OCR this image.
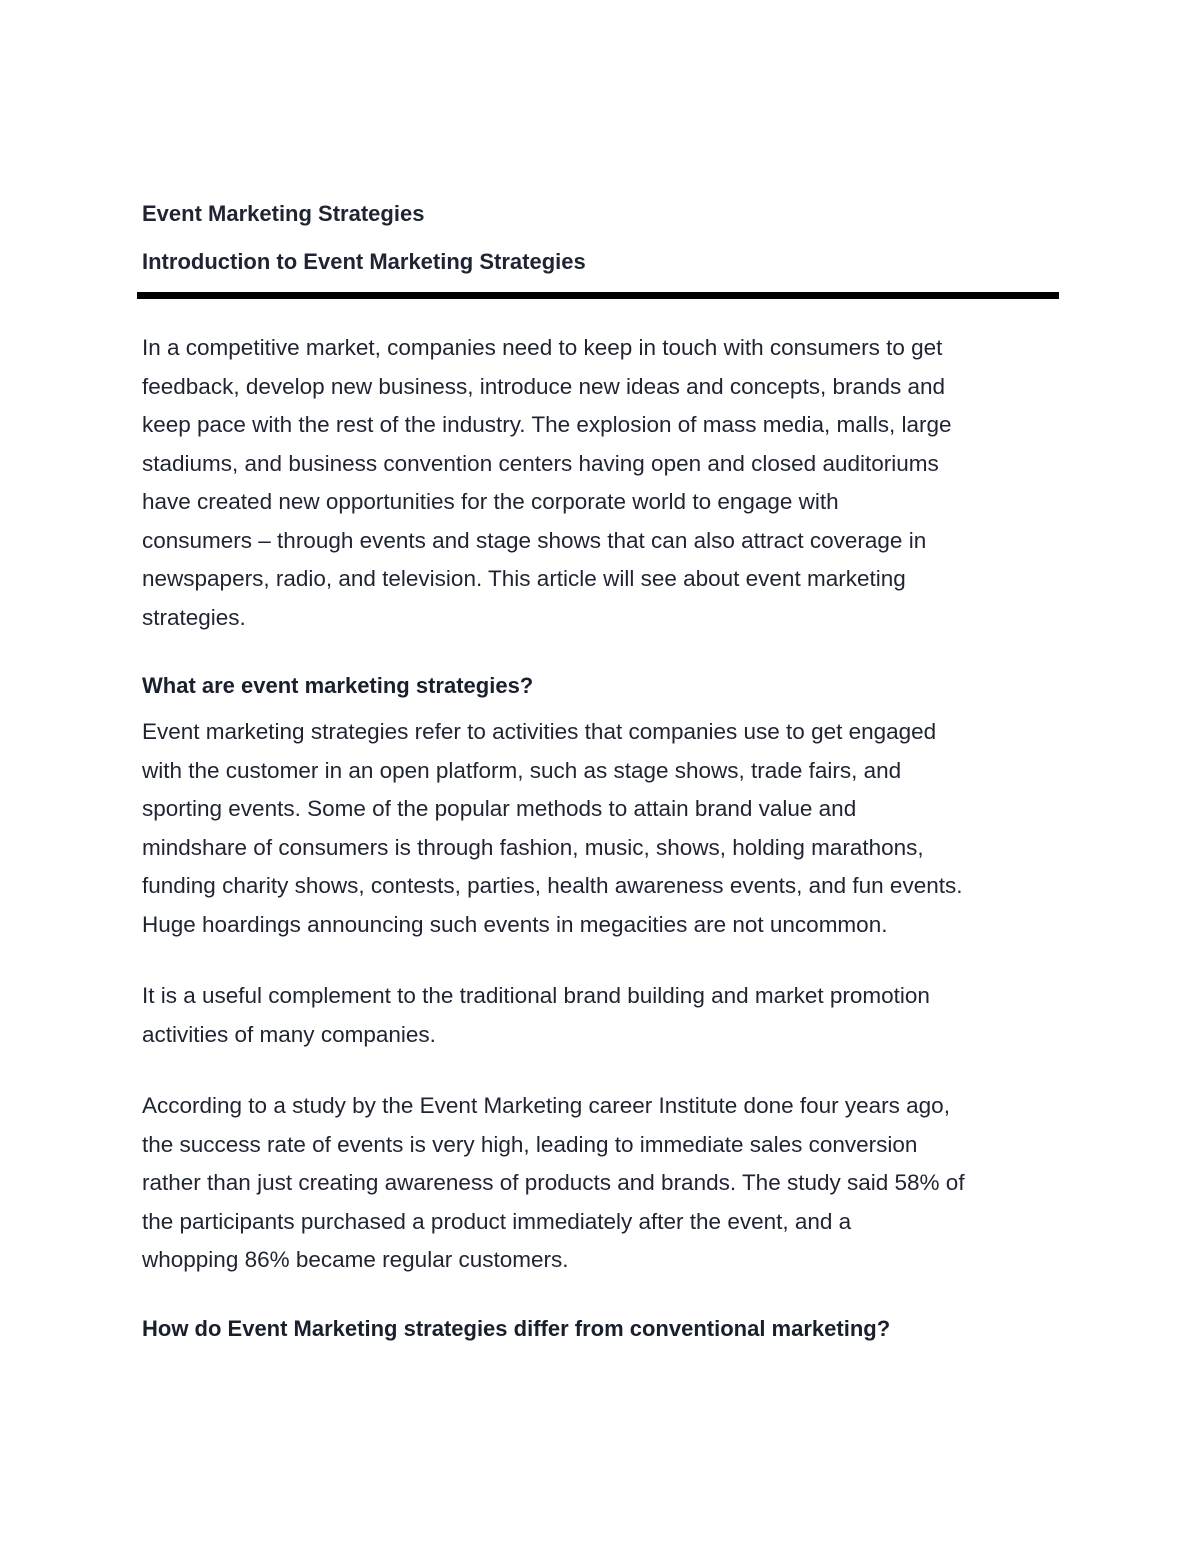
Event Marketing Strategies
Introduction to Event Marketing Strategies

In a competitive market, companies need to keep in touch with consumers to get
feedback, develop new business, introduce new ideas and concepts, brands and
keep pace with the rest of the industry. The explosion of mass media, malls, large
stadiums, and business convention centers having open and closed auditoriums
have created new opportunities for the corporate world to engage with
consumers – through events and stage shows that can also attract coverage in
newspapers, radio, and television. This article will see about event marketing
strategies.

What are event marketing strategies?

Event marketing strategies refer to activities that companies use to get engaged
with the customer in an open platform, such as stage shows, trade fairs, and
sporting events. Some of the popular methods to attain brand value and
mindshare of consumers is through fashion, music, shows, holding marathons,
funding charity shows, contests, parties, health awareness events, and fun events.
Huge hoardings announcing such events in megacities are not uncommon.

It is a useful complement to the traditional brand building and market promotion
activities of many companies.

According to a study by the Event Marketing career Institute done four years ago,
the success rate of events is very high, leading to immediate sales conversion
rather than just creating awareness of products and brands. The study said 58% of
the participants purchased a product immediately after the event, and a
whopping 86% became regular customers.

How do Event Marketing strategies differ from conventional marketing?
